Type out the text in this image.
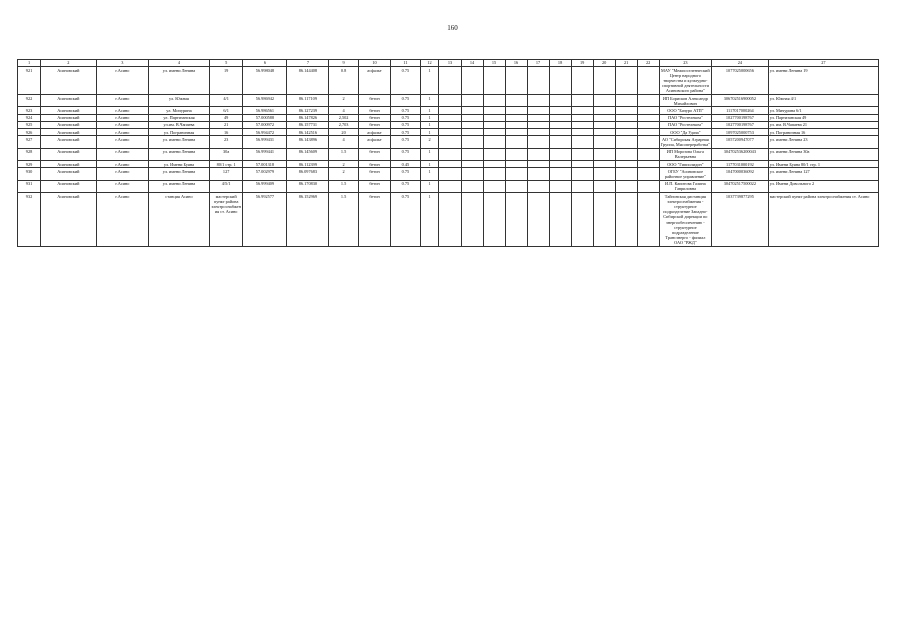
160
1	2	3	4	5	6	7	9	10	11	12	13	14	15	16	17	18	19	20	21	22	23	24	27
921	Асиновский	г.Асино	ул. имени Ленина	19	56.998048	86.144408	0.8	асфальт	0.75	1											МАУ "Межпоселенческий Центр народного творчества и культурно-спортивной деятельности Асиновского района"	1077025000656	ул. имени Ленина 19
922	Асиновский	г.Асино	ул. Южная	4/1	56.986942	86.117109	2	бетон	0.75	1											ИП Борисков Александр Михайлович	306702516900052	ул. Южная 4/1
923	Асиновский	г.Асино	ул. Мичурина	6/1	56.986561	86.127239	4	бетон	0.75	1											ООО "Бачуро АТП"	1117017000264	ул. Мичурина 6/1
924	Асиновский	г.Асино	ул. Партизанская	49	57.000588	86.147826	2,502	бетон	0.75	1											ПАО "Ростелеком"	1027700198767	ул. Партизанская 49
925	Асиновский	г.Асино	ул.им. В.Чапаева	21	57.000972	86.157731	2,703	бетон	0.75	1											ПАО "Ростелеком"	1027700198767	ул. им. В.Чапаева 21
926	Асиновский	г.Асино	ул. Пограничная	16	56.994472	86.142516	20	асфальт	0.75	1											ООО "Да Удача"	1097025000753	ул. Пограничная 16
927	Асиновский	г.Асино	ул. имени Ленина	23	56.999431	86.143896	4	асфальт	0.75	2											АО "Сибирская Аграрная Группа, Мясопереработка"	1057200947077	ул. имени Ленина 23
928	Асиновский	г.Асино	ул. имени Ленина	30а	56.999441	86.145609	1.5	бетон	0.75	1											ИП Морозова Ольга Валерьевна	304702536200043	ул. имени Ленина 30а
929	Асиновский	г.Асино	ул. Имени Буяна	80/1 стр. 1	57.001318	86.112399	2	бетон	0.45	1											ООО "Гипполидон"	1177031000192	ул. Имени Буяна 80/1 стр. 1
930	Асиновский	г.Асино	ул. имени Ленина	127	57.002979	86.097683	2	бетон	0.75	1											ОГБУ "Асиновское районное управление"	1047000036092	ул. имени Ленина 127
931	Асиновский	г.Асино	ул. имени Ленина	4/5/1	56.999409	86.170830	1.5	бетон	0.75	1											И.П. Капитова Галина Гавриловна	304702517500022	ул. Имени Довольного 2
932	Асиновский	г.Асино	станция Асино	мастерский пункт района электроснабжения ст. Асино	56.992577	86.152969	1.5	бетон	0.75	1											Тайгинская дистанция электроснабжения - структурное подразделение Западно-Сибирской дирекции по энергообеспечению - структурное подразделение Трансэнерго - филиал ОАО "РЖД"	1037739877295	мастерский пункт района электроснабжения ст. Асино
